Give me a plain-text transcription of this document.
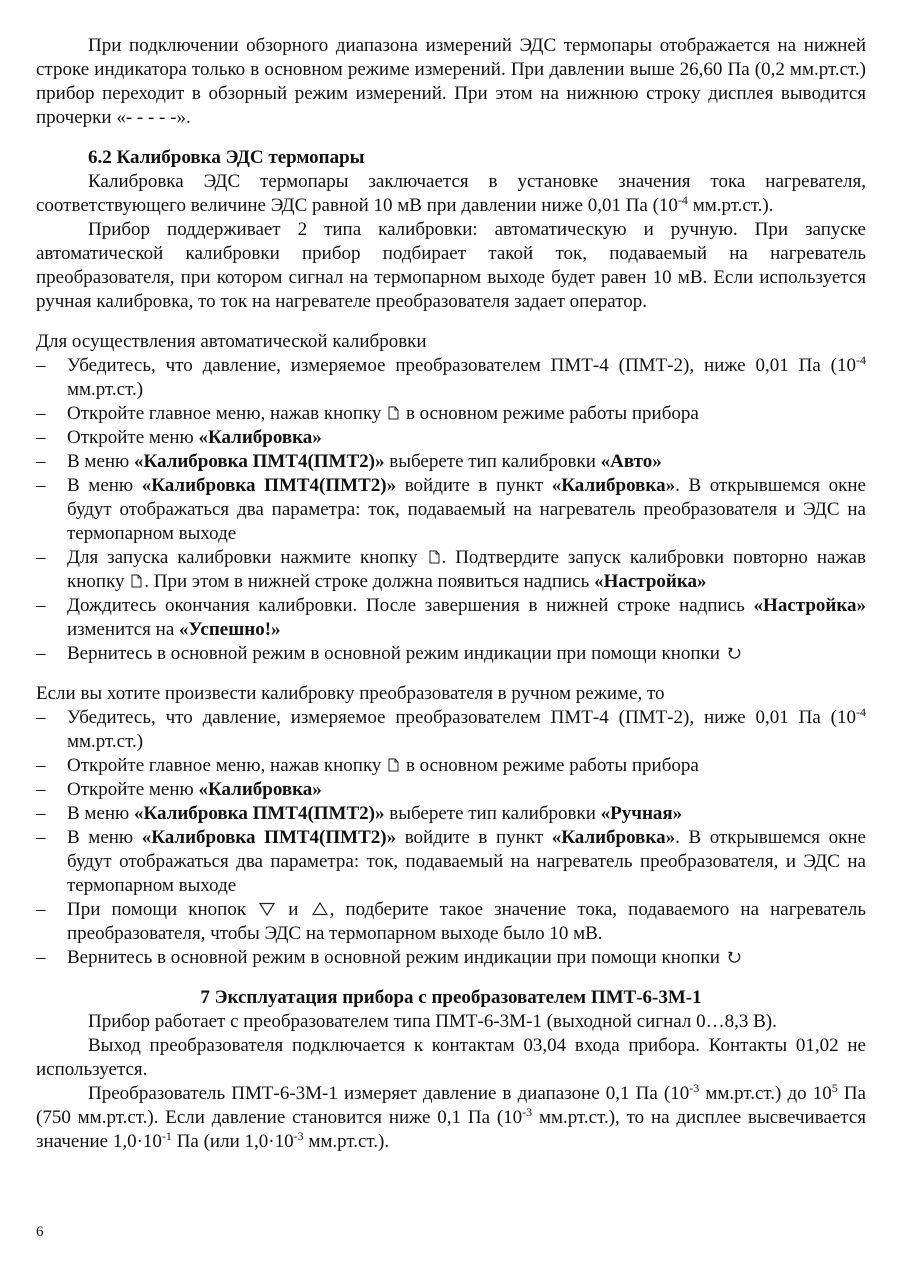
При подключении обзорного диапазона измерений ЭДС термопары отображается на нижней строке индикатора только в основном режиме измерений. При давлении выше 26,60 Па (0,2 мм.рт.ст.) прибор переходит в обзорный режим измерений. При этом на нижнюю строку дисплея выводится прочерки «- - - - -».

6.2 Калибровка ЭДС термопары

Калибровка ЭДС термопары заключается в установке значения тока нагревателя, соответствующего величине ЭДС равной 10 мВ при давлении ниже 0,01 Па ($10^{-4}$ мм.рт.ст.).

Прибор поддерживает 2 типа калибровки: автоматическую и ручную. При запуске автоматической калибровки прибор подбирает такой ток, подаваемый на нагреватель преобразователя, при котором сигнал на термопарном выходе будет равен 10 мВ. Если используется ручная калибровка, то ток на нагревателе преобразователя задает оператор.

Для осуществления автоматической калибровки

– Убедитесь, что давление, измеряемое преобразователем ПМТ-4 (ПМТ-2), ниже 0,01 Па ($10^{-4}$ мм.рт.ст.)
– Откройте главное меню, нажав кнопку в основном режиме работы прибора
– Откройте меню «Калибровка»
– В меню «Калибровка ПМТ4(ПМТ2)» выберете тип калибровки «Авто»
– В меню «Калибровка ПМТ4(ПМТ2)» войдите в пункт «Калибровка». В открывшемся окне будут отображаться два параметра: ток, подаваемый на нагреватель преобразователя и ЭДС на термопарном выходе
– Для запуска калибровки нажмите кнопку . Подтвердите запуск калибровки повторно нажав кнопку . При этом в нижней строке должна появиться надпись «Настройка»
– Дождитесь окончания калибровки. После завершения в нижней строке надпись «Настройка» изменится на «Успешно!»
– Вернитесь в основной режим в основной режим индикации при помощи кнопки

Если вы хотите произвести калибровку преобразователя в ручном режиме, то

– Убедитесь, что давление, измеряемое преобразователем ПМТ-4 (ПМТ-2), ниже 0,01 Па ($10^{-4}$ мм.рт.ст.)
– Откройте главное меню, нажав кнопку в основном режиме работы прибора
– Откройте меню «Калибровка»
– В меню «Калибровка ПМТ4(ПМТ2)» выберете тип калибровки «Ручная»
– В меню «Калибровка ПМТ4(ПМТ2)» войдите в пункт «Калибровка». В открывшемся окне будут отображаться два параметра: ток, подаваемый на нагреватель преобразователя, и ЭДС на термопарном выходе
– При помощи кнопок и , подберите такое значение тока, подаваемого на нагреватель преобразователя, чтобы ЭДС на термопарном выходе было 10 мВ.
– Вернитесь в основной режим в основной режим индикации при помощи кнопки
7 Эксплуатация прибора с преобразователем ПМТ-6-3М-1

Прибор работает с преобразователем типа ПМТ-6-3М-1 (выходной сигнал 0…8,3 В).

Выход преобразователя подключается к контактам 03,04 входа прибора. Контакты 01,02 не используется.

Преобразователь ПМТ-6-3М-1 измеряет давление в диапазоне 0,1 Па ($10^{-3}$ мм.рт.ст.) до $10^5$ Па (750 мм.рт.ст.). Если давление становится ниже 0,1 Па ($10^{-3}$ мм.рт.ст.), то на дисплее высвечивается значение $1,0\cdot 10^{-1}$ Па (или $1,0\cdot 10^{-3}$ мм.рт.ст.).

6
